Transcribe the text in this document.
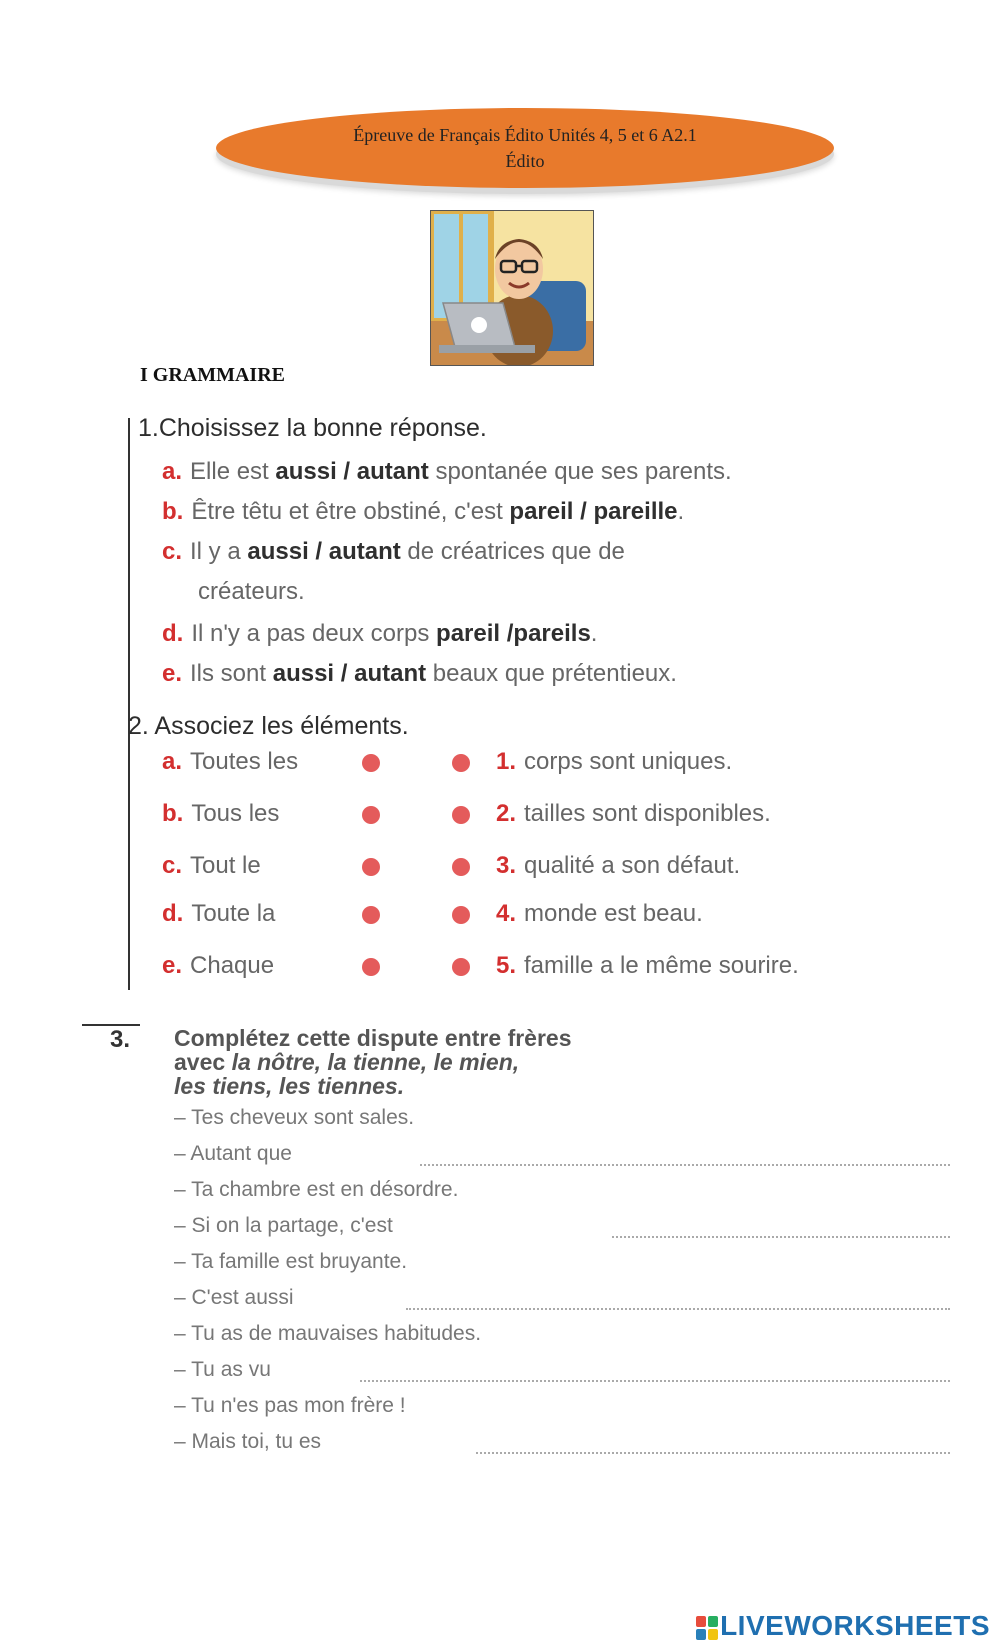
Épreuve de Français Édito Unités 4, 5 et 6 A2.1
Édito
I GRAMMAIRE
1.Choisissez la bonne réponse.
a. Elle est aussi / autant spontanée que ses parents.
b. Être têtu et être obstiné, c'est pareil / pareille.
c. Il y a aussi / autant de créatrices que de
créateurs.
d. Il n'y a pas deux corps pareil /pareils.
e. Ils sont aussi / autant beaux que prétentieux.
2. Associez les éléments.
a. Toutes les
b. Tous les
c. Tout le
d. Toute la
e. Chaque
1. corps sont uniques.
2. tailles sont disponibles.
3. qualité a son défaut.
4. monde est beau.
5. famille a le même sourire.
3. Complétez cette dispute entre frères
avec la nôtre, la tienne, le mien,
les tiens, les tiennes.
– Tes cheveux sont sales.
– Autant que
– Ta chambre est en désordre.
– Si on la partage, c'est
– Ta famille est bruyante.
– C'est aussi
– Tu as de mauvaises habitudes.
– Tu as vu
– Tu n'es pas mon frère !
– Mais toi, tu es
LIVEWORKSHEETS
